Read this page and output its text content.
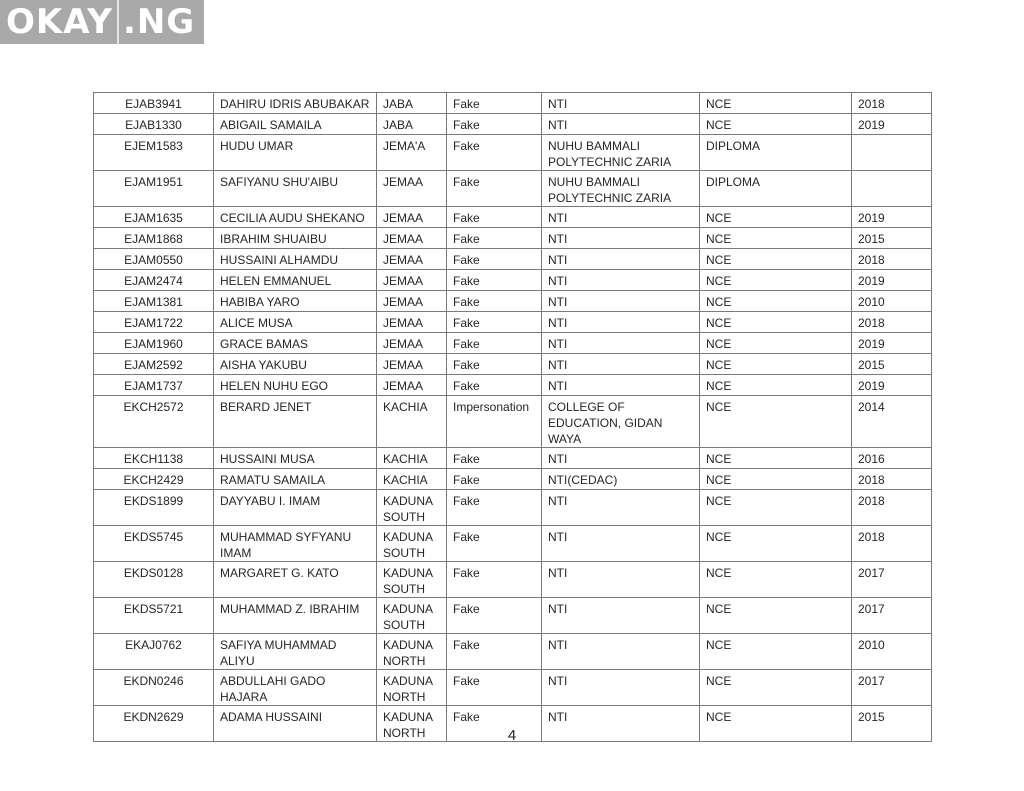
OKAY .NG
EJAB3941	DAHIRU IDRIS ABUBAKAR	JABA	Fake	NTI	NCE	2018
EJAB1330	ABIGAIL SAMAILA	JABA	Fake	NTI	NCE	2019
EJEM1583	HUDU UMAR	JEMA'A	Fake	NUHU BAMMALI POLYTECHNIC ZARIA	DIPLOMA	
EJAM1951	SAFIYANU SHU'AIBU	JEMAA	Fake	NUHU BAMMALI POLYTECHNIC ZARIA	DIPLOMA	
EJAM1635	CECILIA AUDU SHEKANO	JEMAA	Fake	NTI	NCE	2019
EJAM1868	IBRAHIM SHUAIBU	JEMAA	Fake	NTI	NCE	2015
EJAM0550	HUSSAINI ALHAMDU	JEMAA	Fake	NTI	NCE	2018
EJAM2474	HELEN EMMANUEL	JEMAA	Fake	NTI	NCE	2019
EJAM1381	HABIBA YARO	JEMAA	Fake	NTI	NCE	2010
EJAM1722	ALICE MUSA	JEMAA	Fake	NTI	NCE	2018
EJAM1960	GRACE BAMAS	JEMAA	Fake	NTI	NCE	2019
EJAM2592	AISHA YAKUBU	JEMAA	Fake	NTI	NCE	2015
EJAM1737	HELEN NUHU EGO	JEMAA	Fake	NTI	NCE	2019
EKCH2572	BERARD JENET	KACHIA	Impersonation	COLLEGE OF EDUCATION, GIDAN WAYA	NCE	2014
EKCH1138	HUSSAINI MUSA	KACHIA	Fake	NTI	NCE	2016
EKCH2429	RAMATU SAMAILA	KACHIA	Fake	NTI(CEDAC)	NCE	2018
EKDS1899	DAYYABU I. IMAM	KADUNA SOUTH	Fake	NTI	NCE	2018
EKDS5745	MUHAMMAD SYFYANU IMAM	KADUNA SOUTH	Fake	NTI	NCE	2018
EKDS0128	MARGARET G. KATO	KADUNA SOUTH	Fake	NTI	NCE	2017
EKDS5721	MUHAMMAD Z. IBRAHIM	KADUNA SOUTH	Fake	NTI	NCE	2017
EKAJ0762	SAFIYA MUHAMMAD ALIYU	KADUNA NORTH	Fake	NTI	NCE	2010
EKDN0246	ABDULLAHI GADO HAJARA	KADUNA NORTH	Fake	NTI	NCE	2017
EKDN2629	ADAMA HUSSAINI	KADUNA NORTH	Fake	NTI	NCE	2015
4
